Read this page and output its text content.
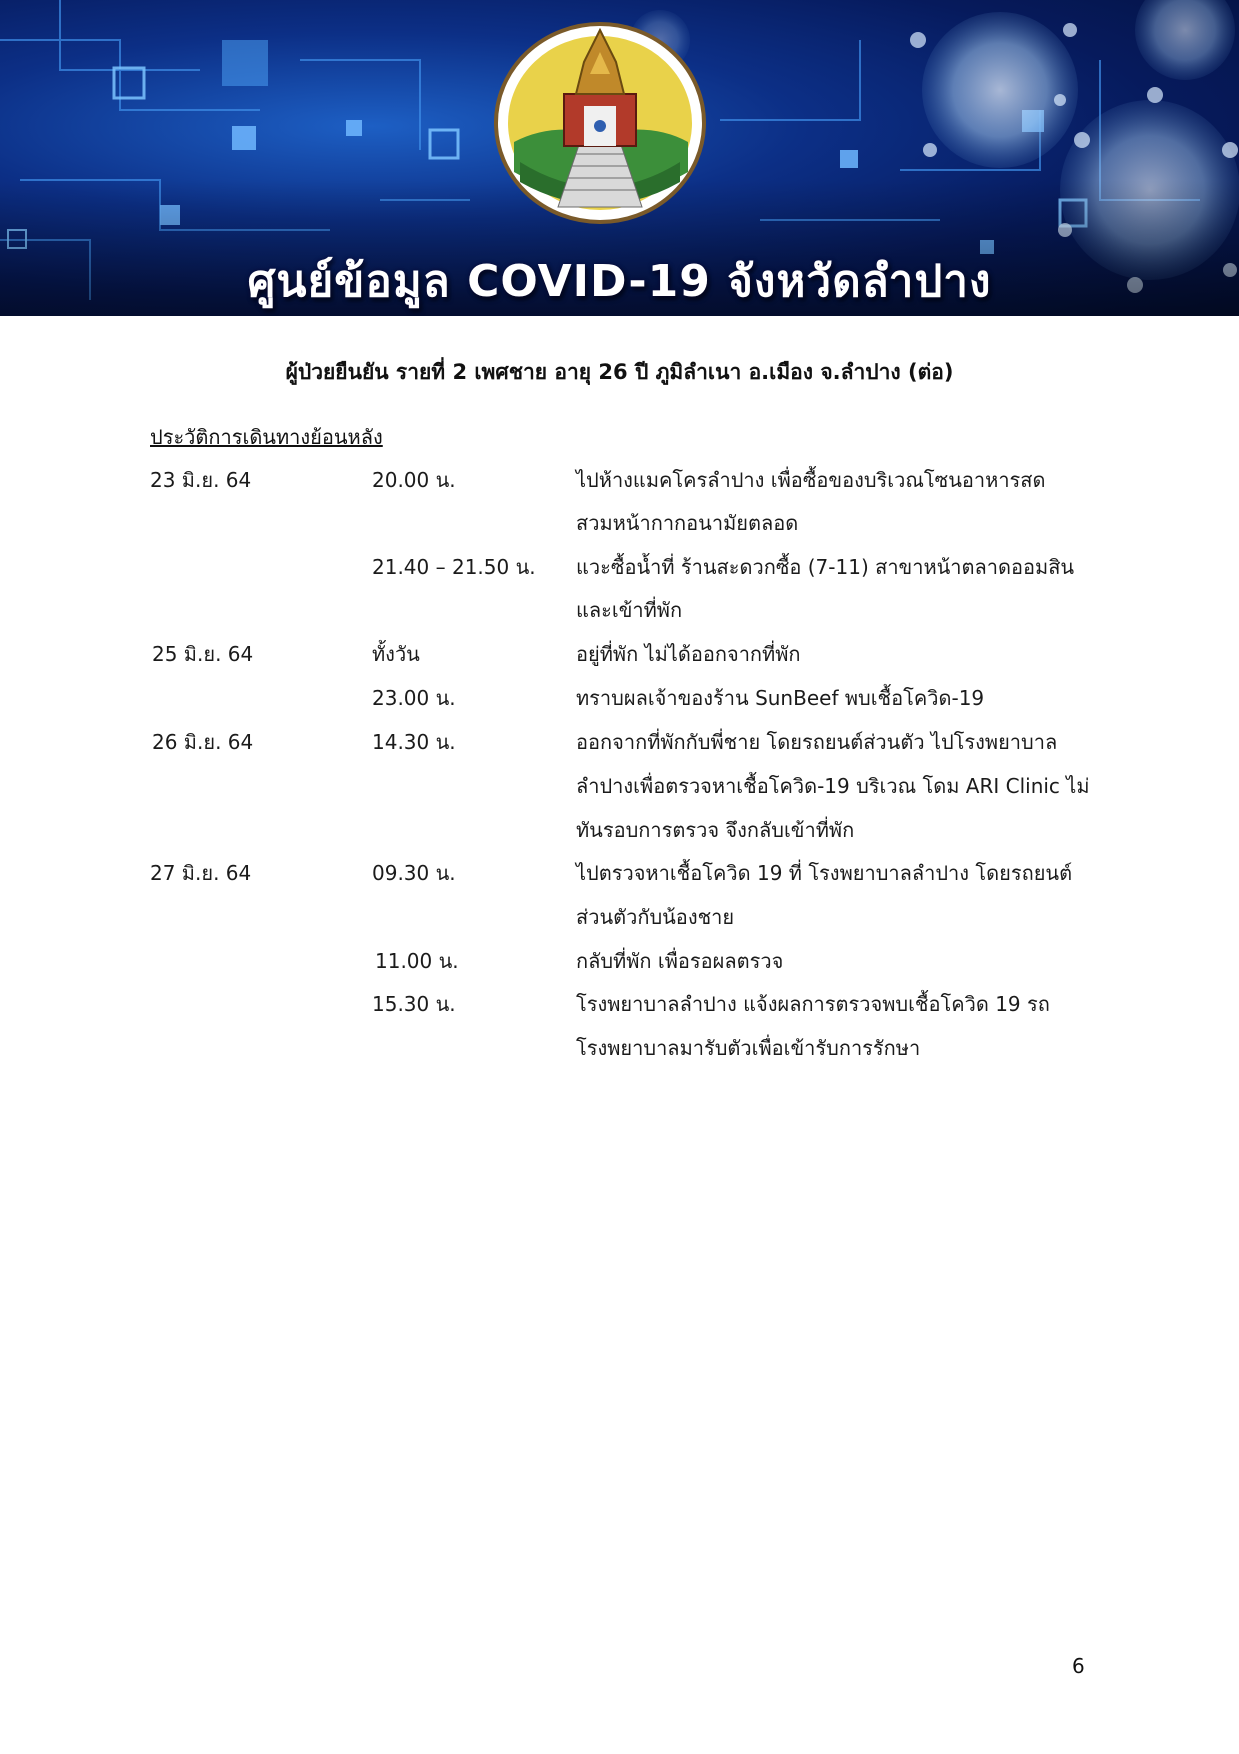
ศูนย์ข้อมูล COVID-19 จังหวัดลำปาง
ผู้ป่วยยืนยัน รายที่ 2 เพศชาย อายุ 26 ปี ภูมิลำเนา อ.เมือง จ.ลำปาง (ต่อ)
ประวัติการเดินทางย้อนหลัง
23 มิ.ย. 64	20.00 น.	ไปห้างแมคโครลำปาง เพื่อซื้อของบริเวณโซนอาหารสด
สวมหน้ากากอนามัยตลอด
21.40 – 21.50 น. แวะซื้อน้ำที่ ร้านสะดวกซื้อ (7-11) สาขาหน้าตลาดออมสิน
และเข้าที่พัก
25 มิ.ย. 64	ทั้งวัน	อยู่ที่พัก ไม่ได้ออกจากที่พัก
23.00 น.	ทราบผลเจ้าของร้าน SunBeef พบเชื้อโควิด-19
26 มิ.ย. 64	14.30 น.	ออกจากที่พักกับพี่ชาย โดยรถยนต์ส่วนตัว ไปโรงพยาบาล
ลำปางเพื่อตรวจหาเชื้อโควิด-19 บริเวณ โดม ARI Clinic ไม่
ทันรอบการตรวจ จึงกลับเข้าที่พัก
27 มิ.ย. 64	09.30 น.	ไปตรวจหาเชื้อโควิด 19 ที่ โรงพยาบาลลำปาง โดยรถยนต์
ส่วนตัวกับน้องชาย
11.00 น.	กลับที่พัก เพื่อรอผลตรวจ
15.30 น.	โรงพยาบาลลำปาง แจ้งผลการตรวจพบเชื้อโควิด 19 รถ
โรงพยาบาลมารับตัวเพื่อเข้ารับการรักษา
6
